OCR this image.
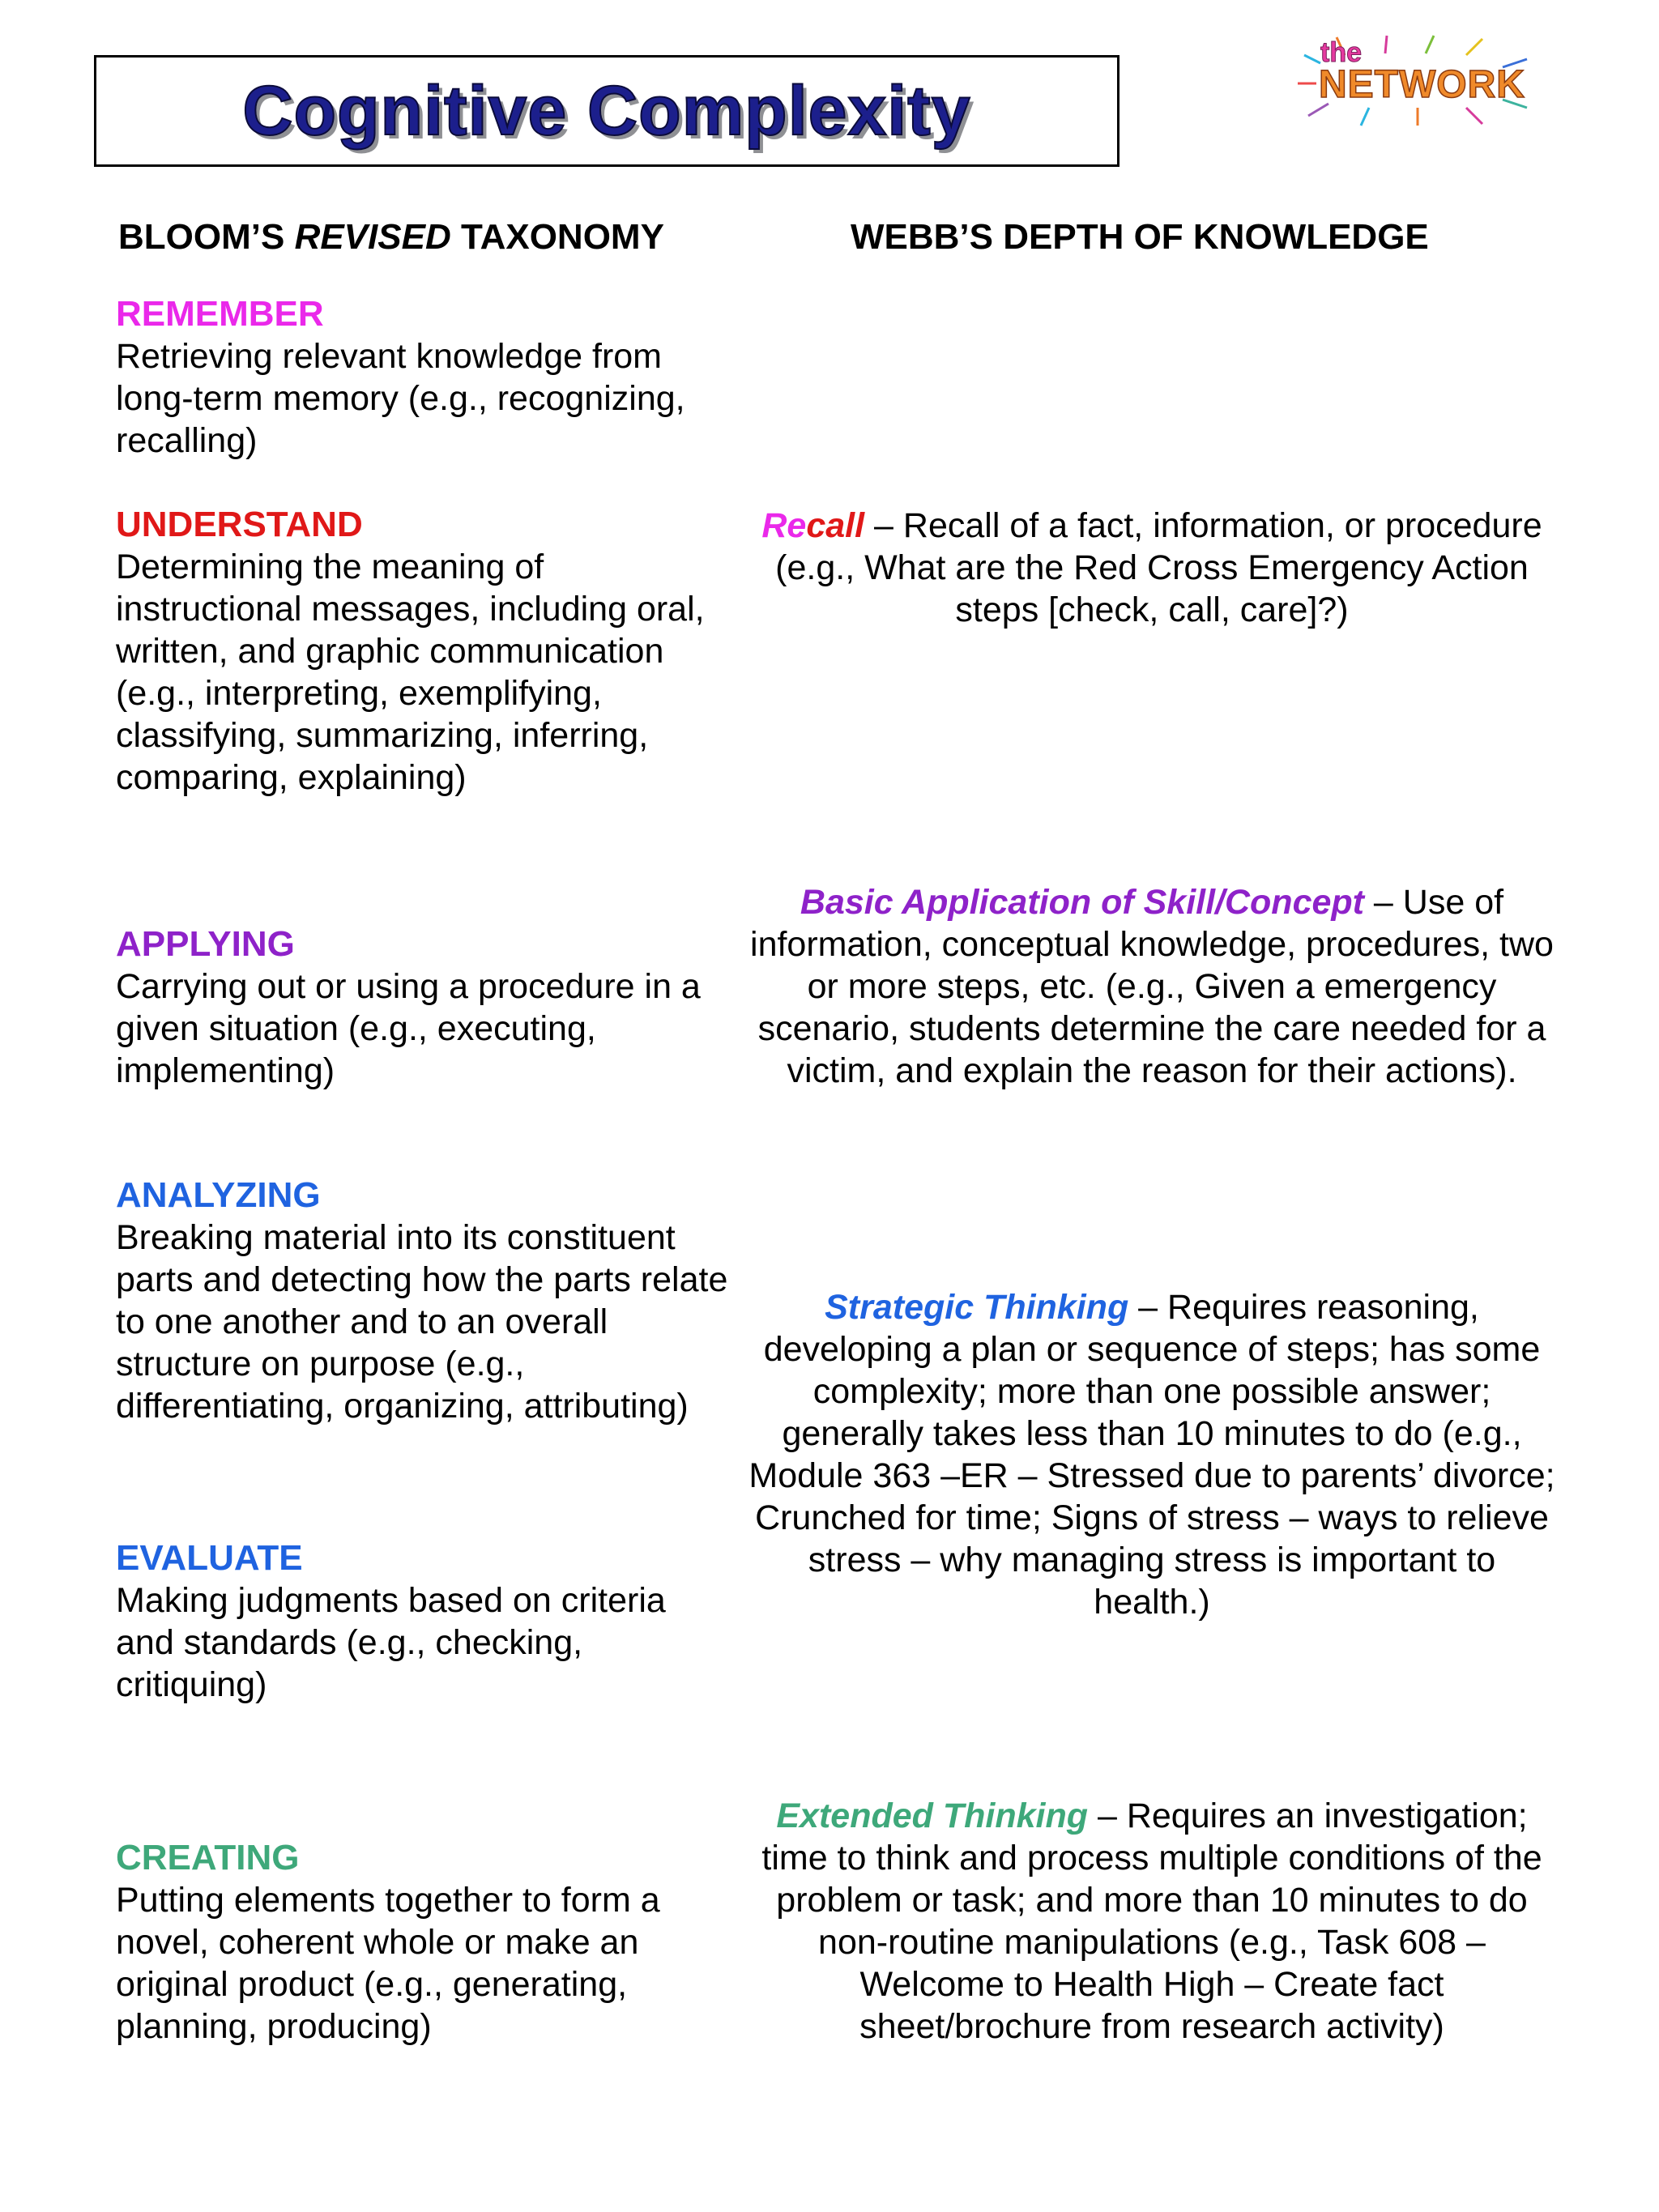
Cognitive Complexity
the
NETWORK
BLOOM’S REVISED TAXONOMY	WEBB’S DEPTH OF KNOWLEDGE
REMEMBER
Retrieving relevant knowledge from long-term memory (e.g., recognizing, recalling)
UNDERSTAND
Determining the meaning of instructional messages, including oral, written, and graphic communication (e.g., interpreting, exemplifying, classifying, summarizing, inferring, comparing, explaining)
APPLYING
Carrying out or using a procedure in a given situation (e.g., executing, implementing)
ANALYZING
Breaking material into its constituent parts and detecting how the parts relate to one another and to an overall structure on purpose (e.g., differentiating, organizing, attributing)
EVALUATE
Making judgments based on criteria and standards (e.g., checking, critiquing)
CREATING
Putting elements together to form a novel, coherent whole or make an original product (e.g., generating, planning, producing)
Recall – Recall of a fact, information, or procedure (e.g., What are the Red Cross Emergency Action steps [check, call, care]?)
Basic Application of Skill/Concept – Use of information, conceptual knowledge, procedures, two or more steps, etc. (e.g., Given a emergency scenario, students determine the care needed for a victim, and explain the reason for their actions).
Strategic Thinking – Requires reasoning, developing a plan or sequence of steps; has some complexity; more than one possible answer; generally takes less than 10 minutes to do (e.g., Module 363 –ER – Stressed due to parents’ divorce; Crunched for time; Signs of stress – ways to relieve stress – why managing stress is important to health.)
Extended Thinking – Requires an investigation; time to think and process multiple conditions of the problem or task; and more than 10 minutes to do non-routine manipulations (e.g., Task 608 – Welcome to Health High – Create fact sheet/brochure from research activity)
